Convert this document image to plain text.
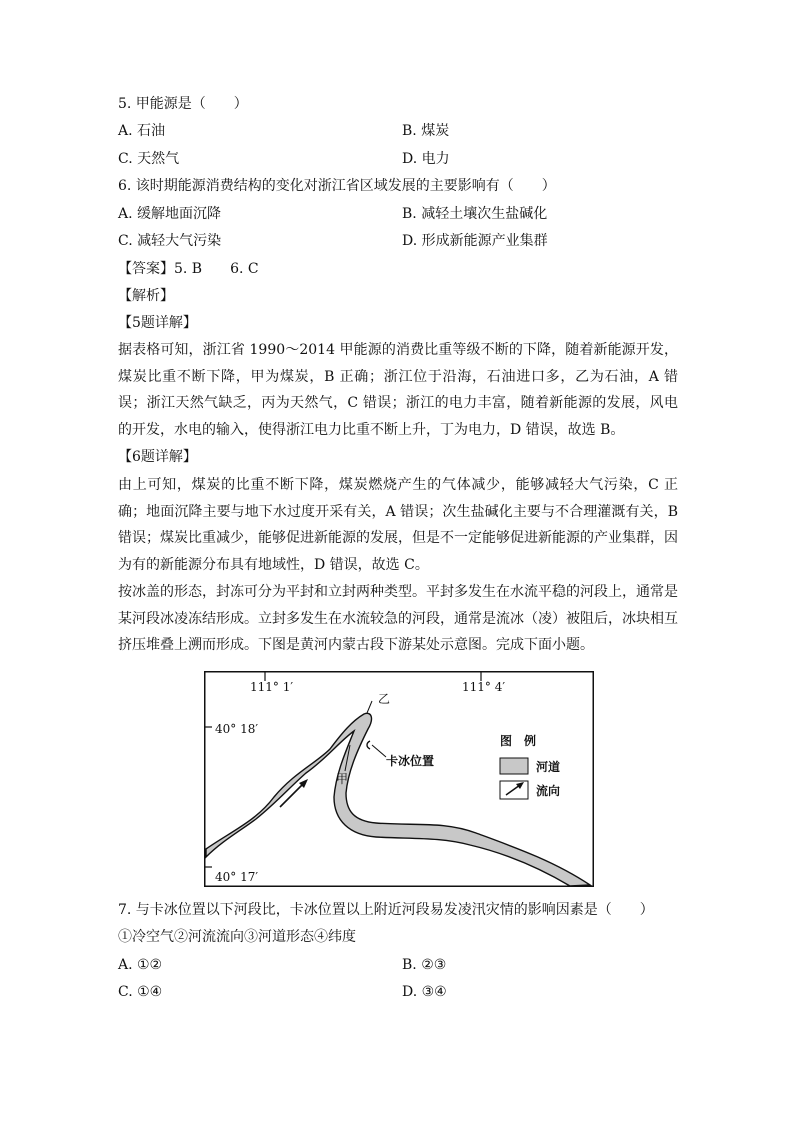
5. 甲能源是（　　）
A. 石油	B. 煤炭
C. 天然气	D. 电力
6. 该时期能源消费结构的变化对浙江省区域发展的主要影响有（　　）
A. 缓解地面沉降	B. 减轻土壤次生盐碱化
C. 减轻大气污染	D. 形成新能源产业集群
【答案】5. B　　6. C
【解析】
【5题详解】
据表格可知，浙江省 1990～2014 甲能源的消费比重等级不断的下降，随着新能源开发，煤炭比重不断下降，甲为煤炭，B 正确；浙江位于沿海，石油进口多，乙为石油，A 错误；浙江天然气缺乏，丙为天然气，C 错误；浙江的电力丰富，随着新能源的发展，风电的开发，水电的输入，使得浙江电力比重不断上升，丁为电力，D 错误，故选 B。
【6题详解】
由上可知，煤炭的比重不断下降，煤炭燃烧产生的气体减少，能够减轻大气污染，C 正确；地面沉降主要与地下水过度开采有关，A 错误；次生盐碱化主要与不合理灌溉有关，B 错误；煤炭比重减少，能够促进新能源的发展，但是不一定能够促进新能源的产业集群，因为有的新能源分布具有地域性，D 错误，故选 C。
按冰盖的形态，封冻可分为平封和立封两种类型。平封多发生在水流平稳的河段上，通常是某河段冰凌冻结形成。立封多发生在水流较急的河段，通常是流冰（凌）被阻后，冰块相互挤压堆叠上溯而形成。下图是黄河内蒙古段下游某处示意图。完成下面小题。
111° 1′	111° 4′
40° 18′
40° 17′
乙
甲
卡冰位置
图　例
河道
流向
7. 与卡冰位置以下河段比，卡冰位置以上附近河段易发凌汛灾情的影响因素是（　　）
①冷空气②河流流向③河道形态④纬度
A. ①②	B. ②③
C. ①④	D. ③④
